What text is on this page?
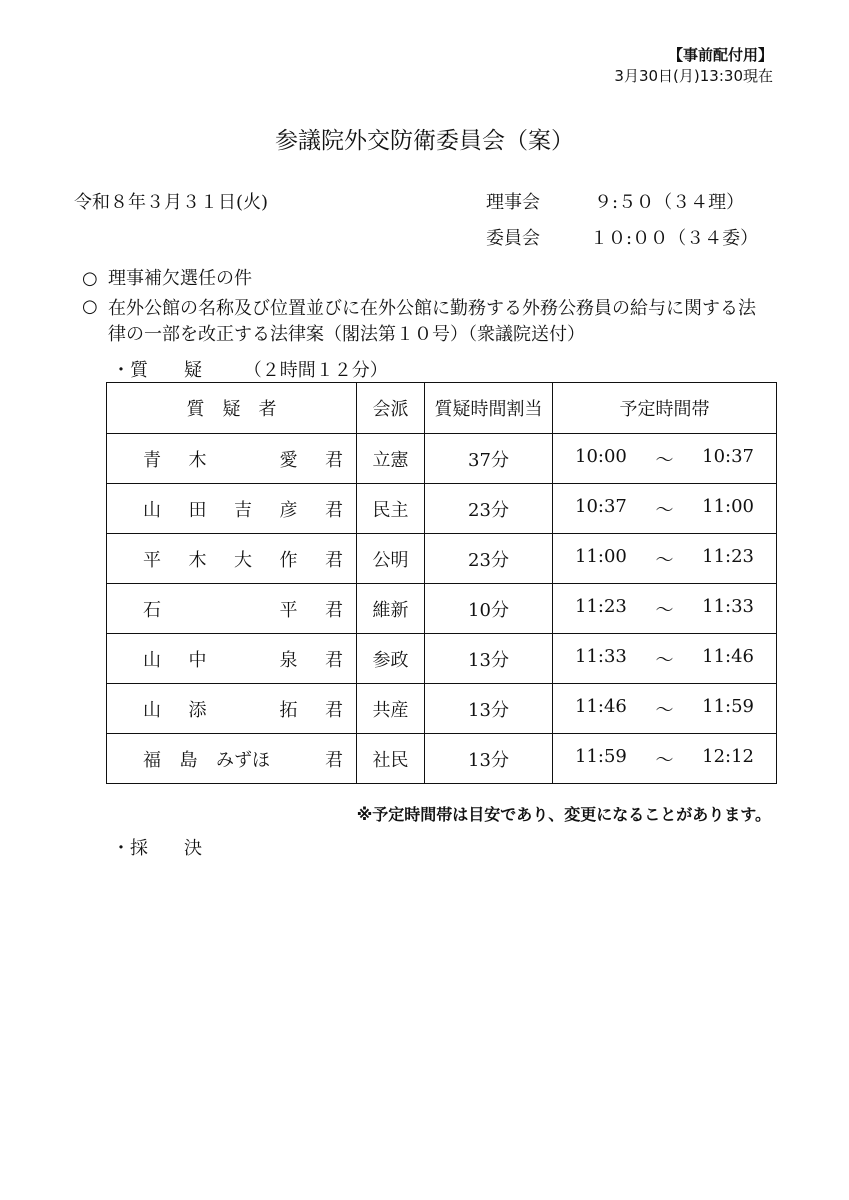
【事前配付用】
3月30日(月)13:30現在
参議院外交防衛委員会（案）
令和８年３月３１日(火)	理事会	９:５０（３４理）
委員会	１０:００（３４委）
○ 理事補欠選任の件
○ 在外公館の名称及び位置並びに在外公館に勤務する外務公務員の給与に関する法律の一部を改正する法律案（閣法第１０号）（衆議院送付）
・質　　疑 （２時間１２分）
質　疑　者	会派	質疑時間割当	予定時間帯

青 木 愛 君	立憲	37分	10:00 ～ 10:37

山 田 吉 彦 君	民主	23分	10:37 ～ 11:00

平 木 大 作 君	公明	23分	11:00 ～ 11:23

石 平 君	維新	10分	11:23 ～ 11:33

山 中 泉 君	参政	13分	11:33 ～ 11:46

山 添 拓 君	共産	13分	11:46 ～ 11:59

福 島 みずほ 君	社民	13分	11:59 ～ 12:12
※予定時間帯は目安であり、変更になることがあります。
・採　　決
